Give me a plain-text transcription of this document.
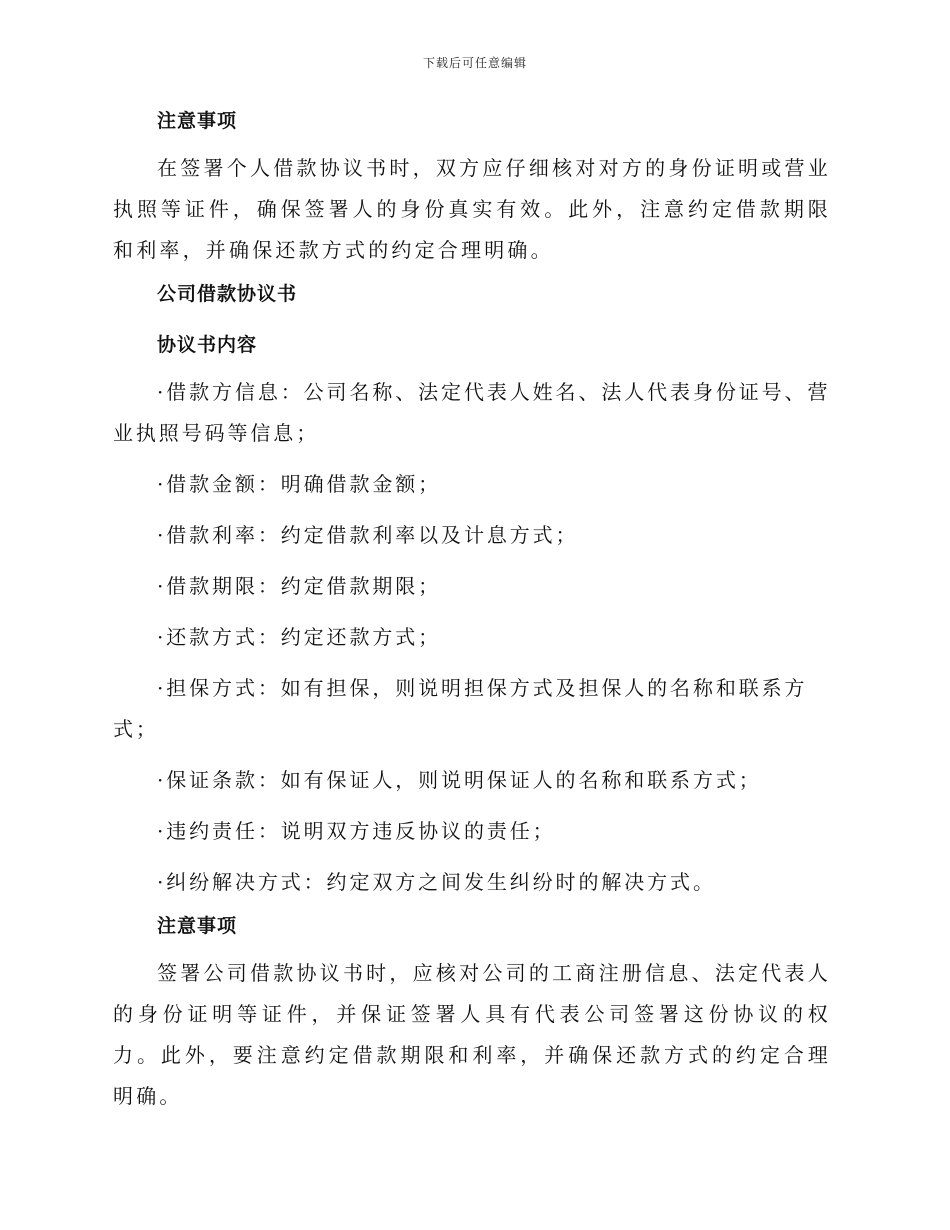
下载后可任意编辑
注意事项

在签署个人借款协议书时，双方应仔细核对对方的身份证明或营业执照等证件，确保签署人的身份真实有效。此外，注意约定借款期限和利率，并确保还款方式的约定合理明确。

公司借款协议书
协议书内容
·借款方信息：公司名称、法定代表人姓名、法人代表身份证号、营业执照号码等信息；
·借款金额：明确借款金额；
·借款利率：约定借款利率以及计息方式；
·借款期限：约定借款期限；
·还款方式：约定还款方式；
·担保方式：如有担保，则说明担保方式及担保人的名称和联系方式；
·保证条款：如有保证人，则说明保证人的名称和联系方式；
·违约责任：说明双方违反协议的责任；
·纠纷解决方式：约定双方之间发生纠纷时的解决方式。
注意事项

签署公司借款协议书时，应核对公司的工商注册信息、法定代表人的身份证明等证件，并保证签署人具有代表公司签署这份协议的权力。此外，要注意约定借款期限和利率，并确保还款方式的约定合理明确。
